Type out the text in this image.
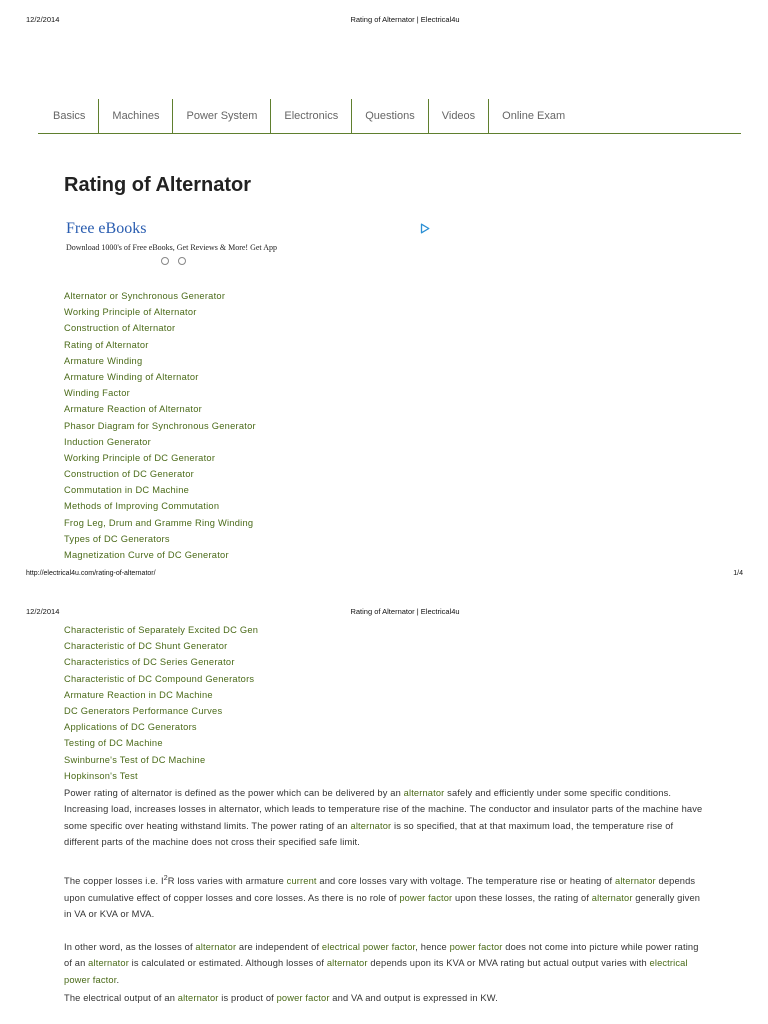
12/2/2014	Rating of Alternator | Electrical4u
Basics	Machines	Power System	Electronics	Questions	Videos	Online Exam
Rating of Alternator
Free eBooks
Download 1000's of Free eBooks, Get Reviews & More! Get App
Alternator or Synchronous Generator
Working Principle of Alternator
Construction of Alternator
Rating of Alternator
Armature Winding
Armature Winding of Alternator
Winding Factor
Armature Reaction of Alternator
Phasor Diagram for Synchronous Generator
Induction Generator
Working Principle of DC Generator
Construction of DC Generator
Commutation in DC Machine
Methods of Improving Commutation
Frog Leg, Drum and Gramme Ring Winding
Types of DC Generators
Magnetization Curve of DC Generator
http://electrical4u.com/rating-of-alternator/	1/4
12/2/2014	Rating of Alternator | Electrical4u
Characteristic of Separately Excited DC Gen
Characteristic of DC Shunt Generator
Characteristics of DC Series Generator
Characteristic of DC Compound Generators
Armature Reaction in DC Machine
DC Generators Performance Curves
Applications of DC Generators
Testing of DC Machine
Swinburne's Test of DC Machine
Hopkinson's Test

Power rating of alternator is defined as the power which can be delivered by an alternator safely and efficiently under some specific conditions. Increasing load, increases losses in alternator, which leads to temperature rise of the machine. The conductor and insulator parts of the machine have some specific over heating withstand limits. The power rating of an alternator is so specified, that at that maximum load, the temperature rise of different parts of the machine does not cross their specified safe limit.

The copper losses i.e. $I^2R$ loss varies with armature current and core losses vary with voltage. The temperature rise or heating of alternator depends upon cumulative effect of copper losses and core losses. As there is no role of power factor upon these losses, the rating of alternator generally given in VA or KVA or MVA.

In other word, as the losses of alternator are independent of electrical power factor, hence power factor does not come into picture while power rating of an alternator is calculated or estimated. Although losses of alternator depends upon its KVA or MVA rating but actual output varies with electrical power factor.

The electrical output of an alternator is product of power factor and VA and output is expressed in KW.
